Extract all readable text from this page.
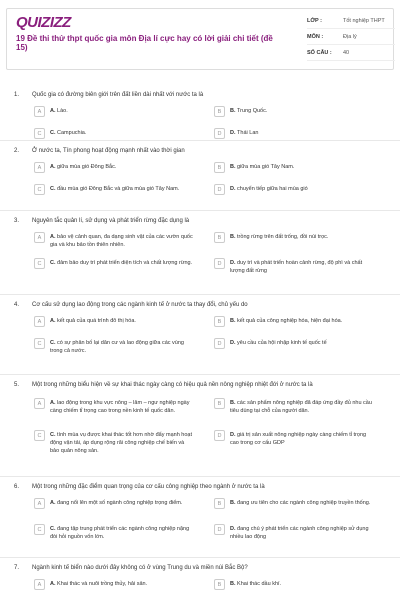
QUIZIZZ
19 Đề thi thử thpt quốc gia môn Địa lí cực hay có lời giải chi tiết (đề 15)
LỚP :	Tốt nghiệp THPT
MÔN :	Địa lý
SỐ CÂU :	40
1.	Quốc gia có đường biên giới trên đất liền dài nhất với nước ta là
A	A. Lào.	B	B. Trung Quốc.
C	C. Campuchia.	D	D. Thái Lan
2.	Ở nước ta, Tín phong hoạt động mạnh nhất vào thời gian
A	A. giữa mùa gió Đông Bắc.	B	B. giữa mùa gió Tây Nam.
C	C. đầu mùa gió Đông Bắc và giữa mùa gió Tây Nam.	D	D. chuyển tiếp giữa hai mùa gió
3.	Nguyên tắc quản lí, sử dụng và phát triển rừng đặc dụng là
A	A. bảo vệ cảnh quan, đa dạng sinh vật của các vườn quốc gia và khu bảo tồn thiên nhiên.
B	B. trồng rừng trên đất trống, đồi núi trọc.
C	C. đảm bảo duy trì phát triển diện tích và chất lượng rừng.	D	D. duy trì và phát triển hoàn cảnh rừng, độ phì và chất lượng đất rừng
4.	Cơ cấu sử dụng lao động trong các ngành kinh tế ở nước ta thay đổi, chủ yếu do
A	A. kết quả của quá trình đô thị hóa.	B	B. kết quả của công nghiệp hóa, hiện đại hóa.
C	C. có sự phân bố lại dân cư và lao động giữa các vùng trong cả nước.
D	D. yêu cầu của hội nhập kinh tế quốc tế
5.	Một trong những biểu hiện về sự khai thác ngày càng có hiệu quả nền nông nghiệp nhiệt đới ở nước ta là
A	A. lao động trong khu vực nông – lâm – ngư nghiệp ngày càng chiếm tỉ trọng cao trong nền kinh tế quốc dân.
B	B. các sản phẩm nông nghiệp đã đáp ứng đầy đủ nhu cầu tiêu dùng tại chỗ của người dân.
C	C. tính mùa vụ được khai thác tốt hơn nhờ đẩy mạnh hoạt động vận tải, áp dụng rộng rãi công nghiệp chế biến và bảo quản nông sản.
D	D. giá trị sản xuất nông nghiệp ngày càng chiếm tỉ trọng cao trong cơ cấu GDP
6.	Một trong những đặc điểm quan trọng của cơ cấu công nghiệp theo ngành ở nước ta là
A	A. đang nổi lên một số ngành công nghiệp trọng điểm.	B	B. đang ưu tiên cho các ngành công nghiệp truyền thống.
C	C. đang tập trung phát triển các ngành công nghiệp nặng đòi hỏi nguồn vốn lớn.
D	D. đang chú ý phát triển các ngành công nghiệp sử dụng nhiều lao động
7.	Ngành kinh tế biển nào dưới đây không có ở vùng Trung du và miền núi Bắc Bộ?
A	A. Khai thác và nuôi trồng thủy, hải sản.	B	B. Khai thác dầu khí.
